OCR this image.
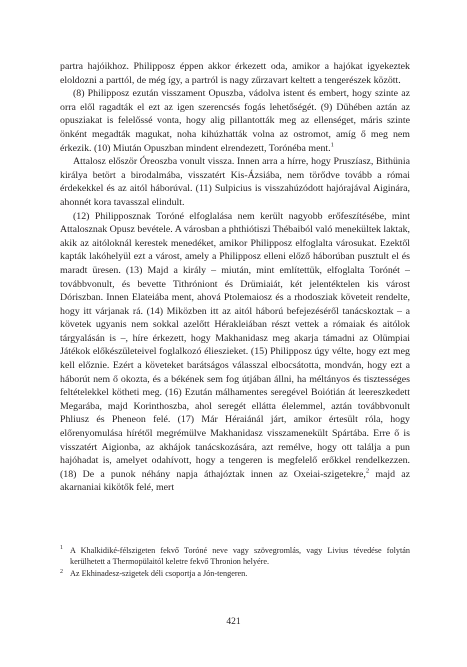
partra hajóikhoz. Philipposz éppen akkor érkezett oda, amikor a hajókat igyekeztek eloldozni a parttól, de még így, a partról is nagy zűrzavart keltett a tengerészek között.

(8) Philipposz ezután visszament Opuszba, vádolva istent és embert, hogy szinte az orra elől ragadták el ezt az igen szerencsés fogás lehetőségét. (9) Dühében aztán az opusziakat is felelőssé vonta, hogy alig pillantották meg az ellenséget, máris szinte önként megadták magukat, noha kihúzhatták volna az ostromot, amíg ő meg nem érkezik. (10) Miután Opuszban mindent elrendezett, Torónéba ment.$^1$

Attalosz először Óreoszba vonult vissza. Innen arra a hírre, hogy Pruszíasz, Bithünia királya betört a birodalmába, visszatért Kis-Ázsiába, nem törődve tovább a római érdekekkel és az aitól háborúval. (11) Sulpicius is visszahúzódott hajórajával Aiginára, ahonnét kora tavasszal elindult.

(12) Philipposznak Toróné elfoglalása nem került nagyobb erőfeszítésébe, mint Attalosznak Opusz bevétele. A városban a phthiótiszi Thébaiból való menekültek laktak, akik az aitóloknál kerestek menedéket, amikor Philipposz elfoglalta városukat. Ezektől kapták lakóhelyül ezt a várost, amely a Philipposz elleni előző háborúban pusztult el és maradt üresen. (13) Majd a király – miután, mint említettük, elfoglalta Torónét – továbbvonult, és bevette Tithróniont és Drümiaiát, két jelentéktelen kis várost Dóriszban. Innen Elateiába ment, ahová Ptolemaiosz és a rhodosziak követeit rendelte, hogy itt várjanak rá. (14) Miközben itt az aitól háború befejezéséről tanácskoztak – a követek ugyanis nem sokkal azelőtt Hérakleiában részt vettek a rómaiak és aitólok tárgyalásán is –, híre érkezett, hogy Makhanidasz meg akarja támadni az Olümpiai Játékok előkészületeivel foglalkozó élieszieket. (15) Philipposz úgy vélte, hogy ezt meg kell előznie. Ezért a követeket barátságos válasszal elbocsátotta, mondván, hogy ezt a háborút nem ő okozta, és a békének sem fog útjában állni, ha méltányos és tisztességes feltételekkel kötheti meg. (16) Ezután málhamentes seregével Boiótián át leereszkedett Megarába, majd Korinthoszba, ahol seregét ellátta élelemmel, aztán továbbvonult Phliusz és Pheneon felé. (17) Már Héraiánál járt, amikor értesült róla, hogy előrenyomulása hírétől megrémülve Makhanidasz visszamenekült Spártába. Erre ő is visszatért Aigionba, az akhájok tanácskozására, azt remélve, hogy ott találja a pun hajóhadat is, amelyet odahívott, hogy a tengeren is megfelelő erőkkel rendelkezzen. (18) De a punok néhány napja áthajóztak innen az Oxeiai-szigetekre,$^2$ majd az akarnaniai kikötők felé, mert

1 A Khalkidiké-félszigeten fekvő Toróné neve vagy szövegromlás, vagy Livius tévedése folytán kerülhetett a Thermopülaitól keletre fekvő Thronion helyére.

2 Az Ekhinadesz-szigetek déli csoportja a Jón-tengeren.

421
